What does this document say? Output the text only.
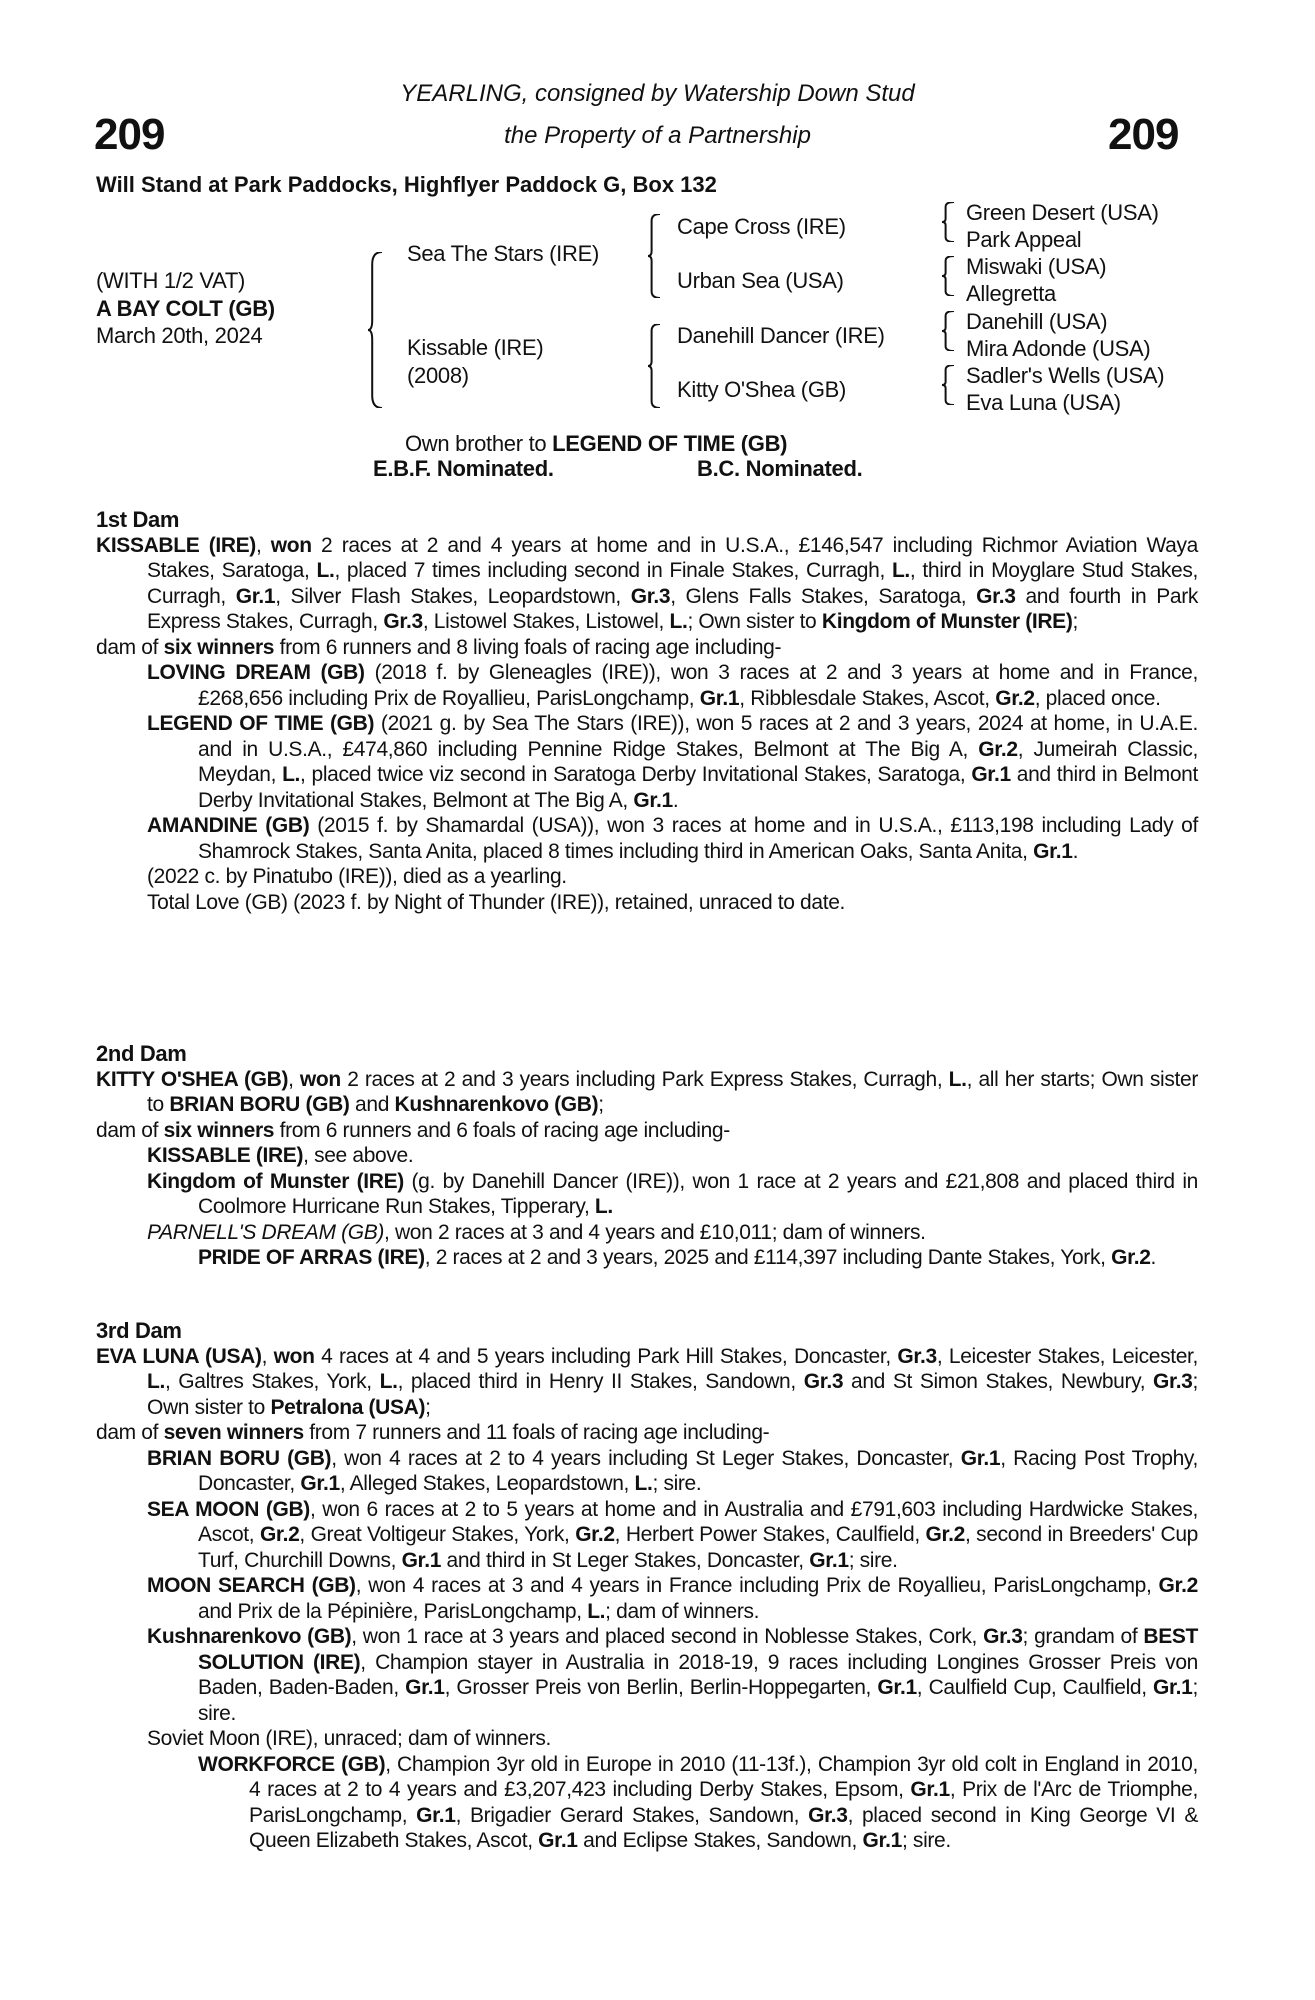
YEARLING, consigned by Watership Down Stud
the Property of a Partnership
209	209
Will Stand at Park Paddocks, Highflyer Paddock G, Box 132
(WITH 1/2 VAT)
A BAY COLT (GB)
March 20th, 2024
Sea The Stars (IRE)
Kissable (IRE)
(2008)
Cape Cross (IRE)
Urban Sea (USA)
Danehill Dancer (IRE)
Kitty O'Shea (GB)
Green Desert (USA)
Park Appeal
Miswaki (USA)
Allegretta
Danehill (USA)
Mira Adonde (USA)
Sadler's Wells (USA)
Eva Luna (USA)
Own brother to LEGEND OF TIME (GB)
E.B.F. Nominated.	B.C. Nominated.
1st Dam
KISSABLE (IRE), won 2 races at 2 and 4 years at home and in U.S.A., £146,547 including Richmor Aviation Waya Stakes, Saratoga, L., placed 7 times including second in Finale Stakes, Curragh, L., third in Moyglare Stud Stakes, Curragh, Gr.1, Silver Flash Stakes, Leopardstown, Gr.3, Glens Falls Stakes, Saratoga, Gr.3 and fourth in Park Express Stakes, Curragh, Gr.3, Listowel Stakes, Listowel, L.; Own sister to Kingdom of Munster (IRE);
dam of six winners from 6 runners and 8 living foals of racing age including-
LOVING DREAM (GB) (2018 f. by Gleneagles (IRE)), won 3 races at 2 and 3 years at home and in France, £268,656 including Prix de Royallieu, ParisLongchamp, Gr.1, Ribblesdale Stakes, Ascot, Gr.2, placed once.
LEGEND OF TIME (GB) (2021 g. by Sea The Stars (IRE)), won 5 races at 2 and 3 years, 2024 at home, in U.A.E. and in U.S.A., £474,860 including Pennine Ridge Stakes, Belmont at The Big A, Gr.2, Jumeirah Classic, Meydan, L., placed twice viz second in Saratoga Derby Invitational Stakes, Saratoga, Gr.1 and third in Belmont Derby Invitational Stakes, Belmont at The Big A, Gr.1.
AMANDINE (GB) (2015 f. by Shamardal (USA)), won 3 races at home and in U.S.A., £113,198 including Lady of Shamrock Stakes, Santa Anita, placed 8 times including third in American Oaks, Santa Anita, Gr.1.
(2022 c. by Pinatubo (IRE)), died as a yearling.
Total Love (GB) (2023 f. by Night of Thunder (IRE)), retained, unraced to date.
2nd Dam
KITTY O'SHEA (GB), won 2 races at 2 and 3 years including Park Express Stakes, Curragh, L., all her starts; Own sister to BRIAN BORU (GB) and Kushnarenkovo (GB);
dam of six winners from 6 runners and 6 foals of racing age including-
KISSABLE (IRE), see above.
Kingdom of Munster (IRE) (g. by Danehill Dancer (IRE)), won 1 race at 2 years and £21,808 and placed third in Coolmore Hurricane Run Stakes, Tipperary, L.
PARNELL'S DREAM (GB), won 2 races at 3 and 4 years and £10,011; dam of winners.
PRIDE OF ARRAS (IRE), 2 races at 2 and 3 years, 2025 and £114,397 including Dante Stakes, York, Gr.2.
3rd Dam
EVA LUNA (USA), won 4 races at 4 and 5 years including Park Hill Stakes, Doncaster, Gr.3, Leicester Stakes, Leicester, L., Galtres Stakes, York, L., placed third in Henry II Stakes, Sandown, Gr.3 and St Simon Stakes, Newbury, Gr.3; Own sister to Petralona (USA);
dam of seven winners from 7 runners and 11 foals of racing age including-
BRIAN BORU (GB), won 4 races at 2 to 4 years including St Leger Stakes, Doncaster, Gr.1, Racing Post Trophy, Doncaster, Gr.1, Alleged Stakes, Leopardstown, L.; sire.
SEA MOON (GB), won 6 races at 2 to 5 years at home and in Australia and £791,603 including Hardwicke Stakes, Ascot, Gr.2, Great Voltigeur Stakes, York, Gr.2, Herbert Power Stakes, Caulfield, Gr.2, second in Breeders' Cup Turf, Churchill Downs, Gr.1 and third in St Leger Stakes, Doncaster, Gr.1; sire.
MOON SEARCH (GB), won 4 races at 3 and 4 years in France including Prix de Royallieu, ParisLongchamp, Gr.2 and Prix de la Pépinière, ParisLongchamp, L.; dam of winners.
Kushnarenkovo (GB), won 1 race at 3 years and placed second in Noblesse Stakes, Cork, Gr.3; grandam of BEST SOLUTION (IRE), Champion stayer in Australia in 2018-19, 9 races including Longines Grosser Preis von Baden, Baden-Baden, Gr.1, Grosser Preis von Berlin, Berlin-Hoppegarten, Gr.1, Caulfield Cup, Caulfield, Gr.1; sire.
Soviet Moon (IRE), unraced; dam of winners.
WORKFORCE (GB), Champion 3yr old in Europe in 2010 (11-13f.), Champion 3yr old colt in England in 2010, 4 races at 2 to 4 years and £3,207,423 including Derby Stakes, Epsom, Gr.1, Prix de l'Arc de Triomphe, ParisLongchamp, Gr.1, Brigadier Gerard Stakes, Sandown, Gr.3, placed second in King George VI & Queen Elizabeth Stakes, Ascot, Gr.1 and Eclipse Stakes, Sandown, Gr.1; sire.
